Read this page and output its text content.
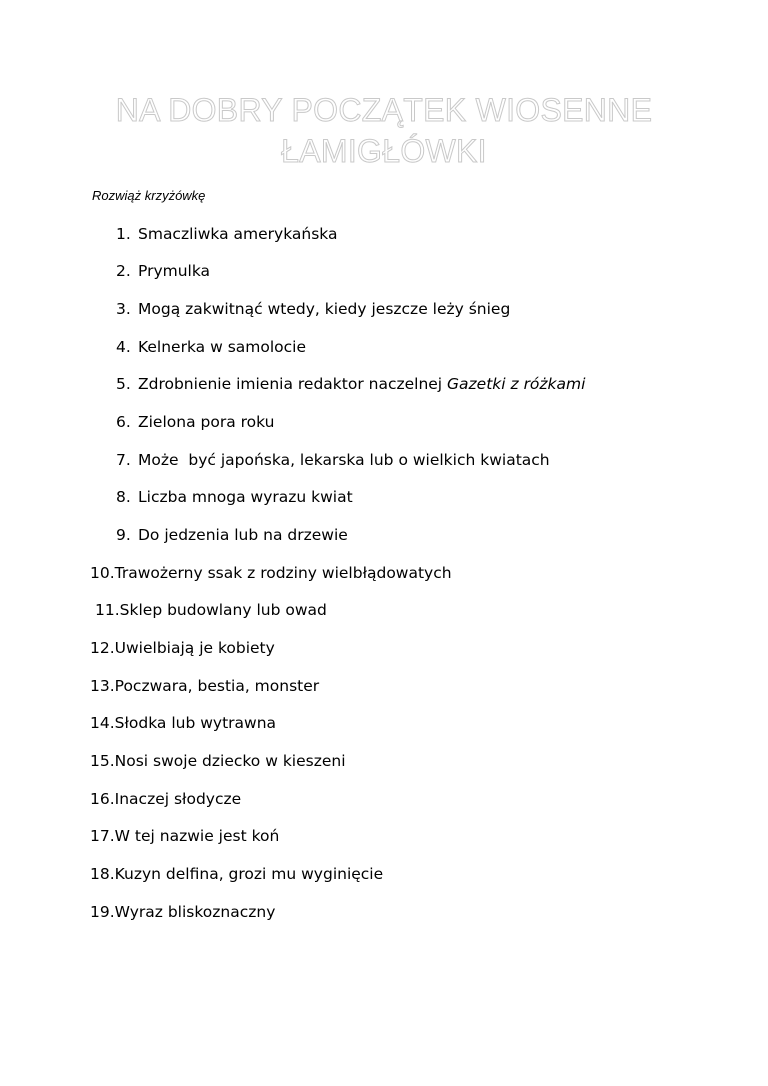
NA DOBRY POCZĄTEK WIOSENNE
ŁAMIGŁÓWKI
Rozwiąż krzyżówkę
1. Smaczliwka amerykańska
2. Prymulka
3. Mogą zakwitnąć wtedy, kiedy jeszcze leży śnieg
4. Kelnerka w samolocie
5. Zdrobnienie imienia redaktor naczelnej Gazetki z różkami
6. Zielona pora roku
7. Może  być japońska, lekarska lub o wielkich kwiatach
8. Liczba mnoga wyrazu kwiat
9. Do jedzenia lub na drzewie
10.Trawożerny ssak z rodziny wielbłądowatych
11.Sklep budowlany lub owad
12.Uwielbiają je kobiety
13.Poczwara, bestia, monster
14.Słodka lub wytrawna
15.Nosi swoje dziecko w kieszeni
16.Inaczej słodycze
17.W tej nazwie jest koń
18.Kuzyn delfina, grozi mu wyginięcie
19.Wyraz bliskoznaczny
